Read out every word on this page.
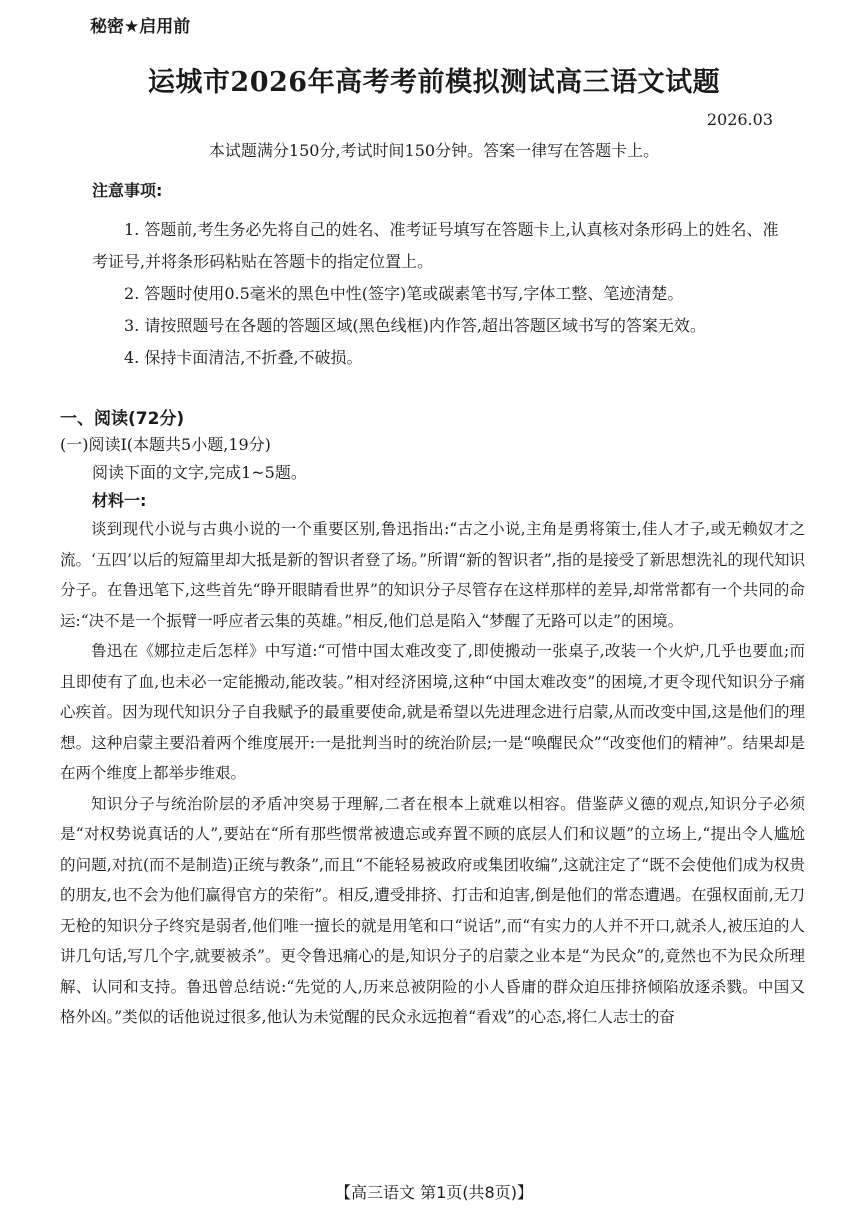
秘密★启用前
运城市2026年高考考前模拟测试高三语文试题
2026.03
本试题满分150分,考试时间150分钟。答案一律写在答题卡上。
注意事项:

1. 答题前,考生务必先将自己的姓名、准考证号填写在答题卡上,认真核对条形码上的姓名、准考证号,并将条形码粘贴在答题卡的指定位置上。

2. 答题时使用0.5毫米的黑色中性(签字)笔或碳素笔书写,字体工整、笔迹清楚。

3. 请按照题号在各题的答题区域(黑色线框)内作答,超出答题区域书写的答案无效。

4. 保持卡面清洁,不折叠,不破损。

一、阅读(72分)
(一)阅读Ⅰ(本题共5小题,19分)
阅读下面的文字,完成1~5题。
材料一:

谈到现代小说与古典小说的一个重要区别,鲁迅指出:“古之小说,主角是勇将策士,佳人才子,或无赖奴才之流。‘五四’以后的短篇里却大抵是新的智识者登了场。”所谓“新的智识者”,指的是接受了新思想洗礼的现代知识分子。在鲁迅笔下,这些首先“睁开眼睛看世界”的知识分子尽管存在这样那样的差异,却常常都有一个共同的命运:“决不是一个振臂一呼应者云集的英雄。”相反,他们总是陷入“梦醒了无路可以走”的困境。

鲁迅在《娜拉走后怎样》中写道:“可惜中国太难改变了,即使搬动一张桌子,改装一个火炉,几乎也要血;而且即使有了血,也未必一定能搬动,能改装。”相对经济困境,这种“中国太难改变”的困境,才更令现代知识分子痛心疾首。因为现代知识分子自我赋予的最重要使命,就是希望以先进理念进行启蒙,从而改变中国,这是他们的理想。这种启蒙主要沿着两个维度展开:一是批判当时的统治阶层;一是“唤醒民众”“改变他们的精神”。结果却是在两个维度上都举步维艰。

知识分子与统治阶层的矛盾冲突易于理解,二者在根本上就难以相容。借鉴萨义德的观点,知识分子必须是“对权势说真话的人”,要站在“所有那些惯常被遗忘或弃置不顾的底层人们和议题”的立场上,“提出令人尴尬的问题,对抗(而不是制造)正统与教条”,而且“不能轻易被政府或集团收编”,这就注定了“既不会使他们成为权贵的朋友,也不会为他们赢得官方的荣衔”。相反,遭受排挤、打击和迫害,倒是他们的常态遭遇。在强权面前,无刀无枪的知识分子终究是弱者,他们唯一擅长的就是用笔和口“说话”,而“有实力的人并不开口,就杀人,被压迫的人讲几句话,写几个字,就要被杀”。更令鲁迅痛心的是,知识分子的启蒙之业本是“为民众”的,竟然也不为民众所理解、认同和支持。鲁迅曾总结说:“先觉的人,历来总被阴险的小人昏庸的群众迫压排挤倾陷放逐杀戮。中国又格外凶。”类似的话他说过很多,他认为未觉醒的民众永远抱着“看戏”的心态,将仁人志士的奋

【高三语文 第1页(共8页)】
